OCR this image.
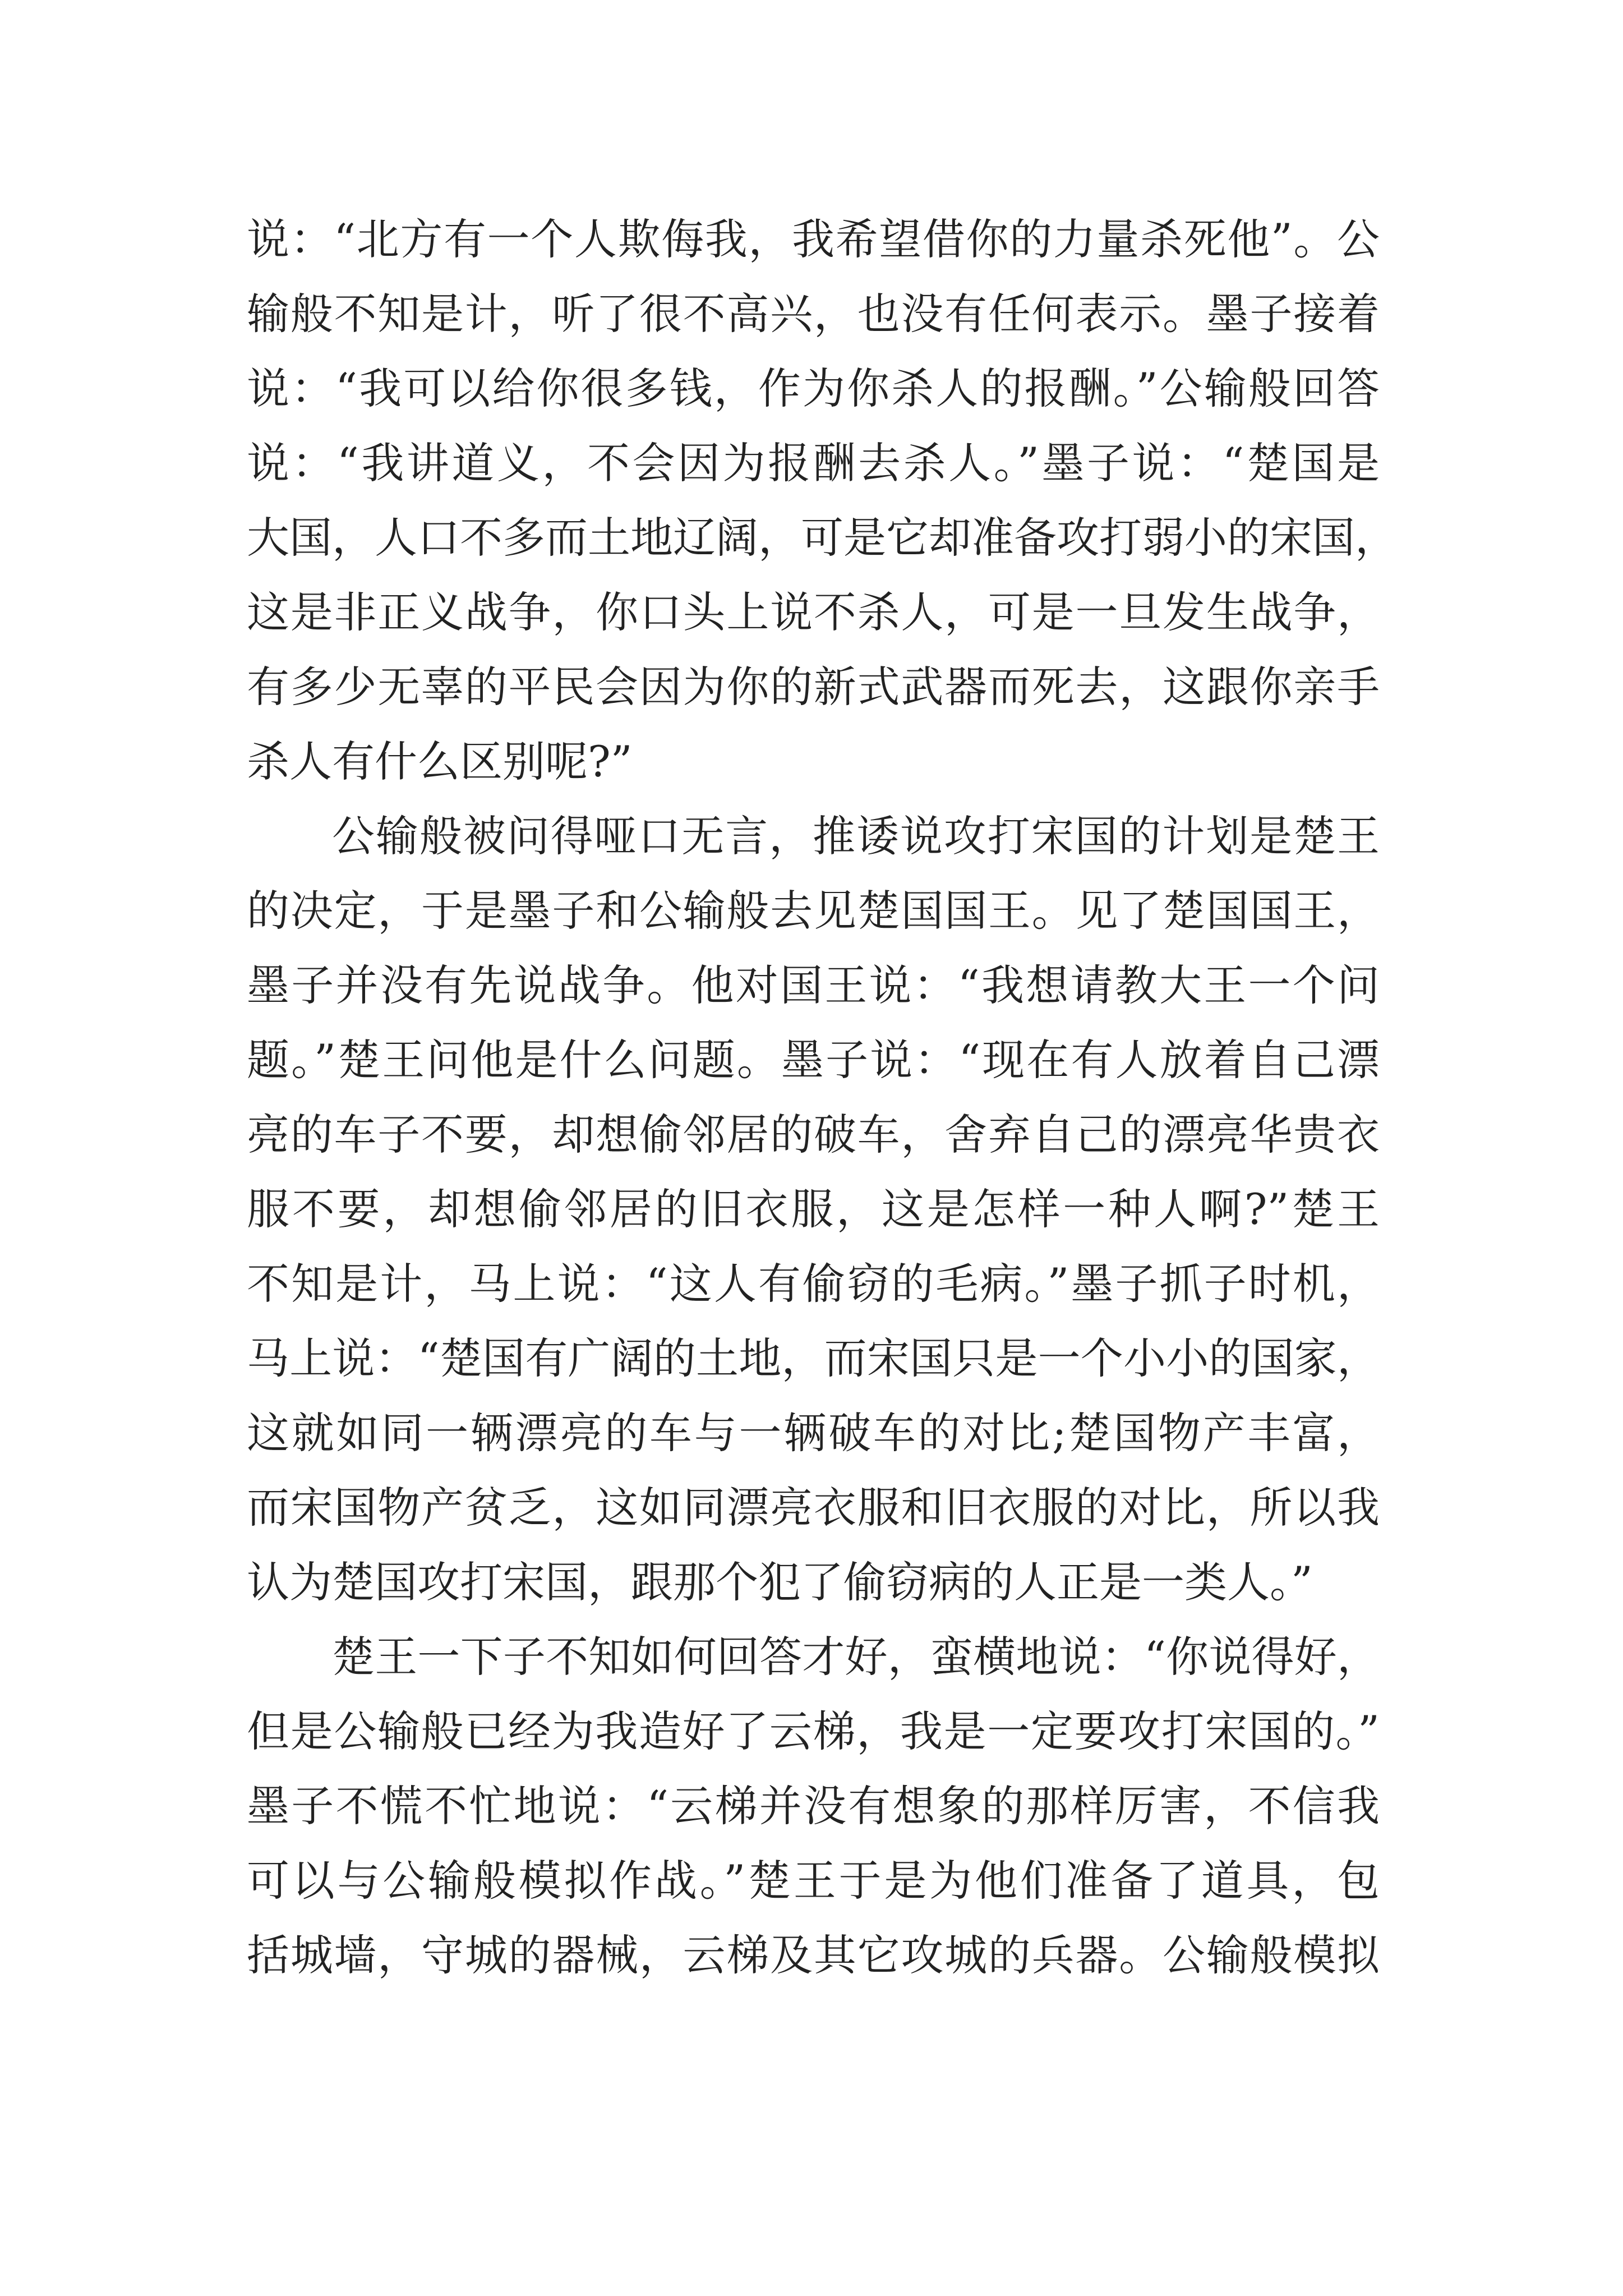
说：“北方有一个人欺侮我，我希望借你的力量杀死他”。公
输般不知是计，听了很不高兴，也没有任何表示。墨子接着
说：“我可以给你很多钱，作为你杀人的报酬。”公输般回答
说：“我讲道义，不会因为报酬去杀人。”墨子说：“楚国是
大国，人口不多而土地辽阔，可是它却准备攻打弱小的宋国，
这是非正义战争，你口头上说不杀人，可是一旦发生战争，
有多少无辜的平民会因为你的新式武器而死去，这跟你亲手
杀人有什么区别呢?”
公输般被问得哑口无言，推诿说攻打宋国的计划是楚王
的决定，于是墨子和公输般去见楚国国王。见了楚国国王，
墨子并没有先说战争。他对国王说：“我想请教大王一个问
题。”楚王问他是什么问题。墨子说：“现在有人放着自己漂
亮的车子不要，却想偷邻居的破车，舍弃自己的漂亮华贵衣
服不要，却想偷邻居的旧衣服，这是怎样一种人啊?”楚王
不知是计，马上说：“这人有偷窃的毛病。”墨子抓子时机，
马上说：“楚国有广阔的土地，而宋国只是一个小小的国家，
这就如同一辆漂亮的车与一辆破车的对比;楚国物产丰富，
而宋国物产贫乏，这如同漂亮衣服和旧衣服的对比，所以我
认为楚国攻打宋国，跟那个犯了偷窃病的人正是一类人。”
楚王一下子不知如何回答才好，蛮横地说：“你说得好，
但是公输般已经为我造好了云梯，我是一定要攻打宋国的。”
墨子不慌不忙地说：“云梯并没有想象的那样厉害，不信我
可以与公输般模拟作战。”楚王于是为他们准备了道具，包
括城墙，守城的器械，云梯及其它攻城的兵器。公输般模拟
